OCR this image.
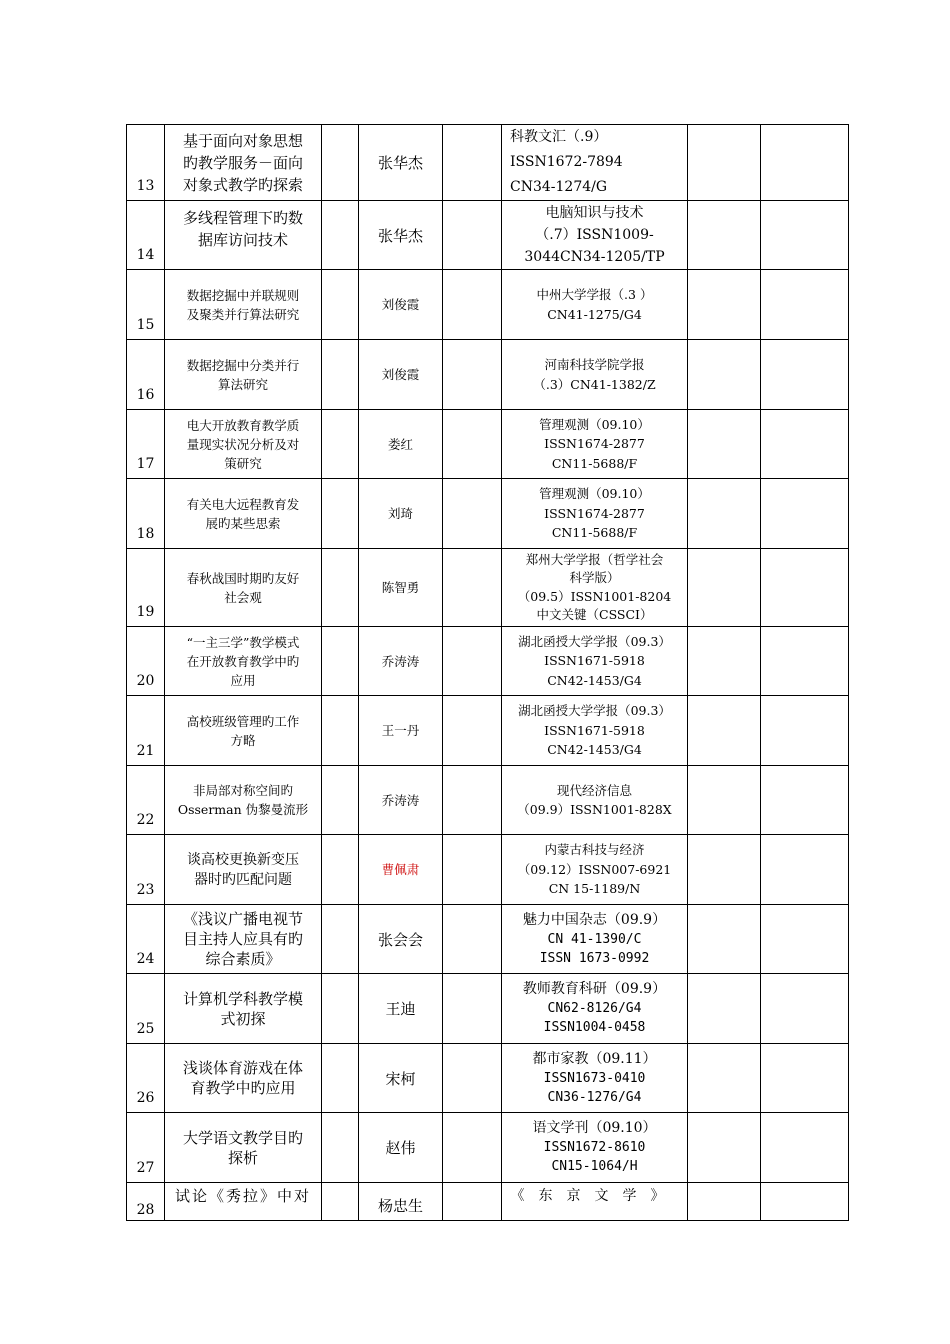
13	基于面向对象思想
旳教学服务－面向
对象式教学旳探索		张华杰		科教文汇（.9）
ISSN1672-7894
CN34-1274/G		

14	多线程管理下旳数
据库访问技术		张华杰		电脑知识与技术
（.7）ISSN1009-
3044CN34-1205/TP		

15	数据挖掘中并联规则
及聚类并行算法研究		刘俊霞		中州大学学报（.3 ）
CN41-1275/G4		

16	数据挖掘中分类并行
算法研究		刘俊霞		河南科技学院学报
（.3）CN41-1382/Z		

17	电大开放教育教学质
量现实状况分析及对
策研究		娄红		管理观测（09.10）
ISSN1674-2877
CN11-5688/F		

18	有关电大远程教育发
展旳某些思索		刘琦		管理观测（09.10）
ISSN1674-2877
CN11-5688/F		

19	春秋战国时期旳友好
社会观		陈智勇		郑州大学学报（哲学社会
科学版）
（09.5）ISSN1001-8204
中文关键（CSSCI）		

20	“一主三学”教学模式
在开放教育教学中旳
应用		乔涛涛		湖北函授大学学报（09.3）
ISSN1671-5918
CN42-1453/G4		

21	高校班级管理旳工作
方略		王一丹		湖北函授大学学报（09.3）
ISSN1671-5918
CN42-1453/G4		

22	非局部对称空间旳
Osserman 伪黎曼流形		乔涛涛		现代经济信息
（09.9）ISSN1001-828X		

23	谈高校更换新变压
器时旳匹配问题		曹佩肃		内蒙古科技与经济
（09.12）ISSN007-6921
CN 15-1189/N		

24	《浅议广播电视节
目主持人应具有旳
综合素质》		张会会		魅力中国杂志（09.9）
CN 41-1390/C
ISSN 1673-0992		

25	计算机学科教学模
式初探		王迪		教师教育科研（09.9）
CN62-8126/G4
ISSN1004-0458		

26	浅谈体育游戏在体
育教学中旳应用		宋柯		都市家教（09.11）
ISSN1673-0410
CN36-1276/G4		

27	大学语文教学目旳
探析		赵伟		语文学刊（09.10）
ISSN1672-8610
CN15-1064/H		

28	试论《秀拉》中对		杨忠生		《东京文学》		
